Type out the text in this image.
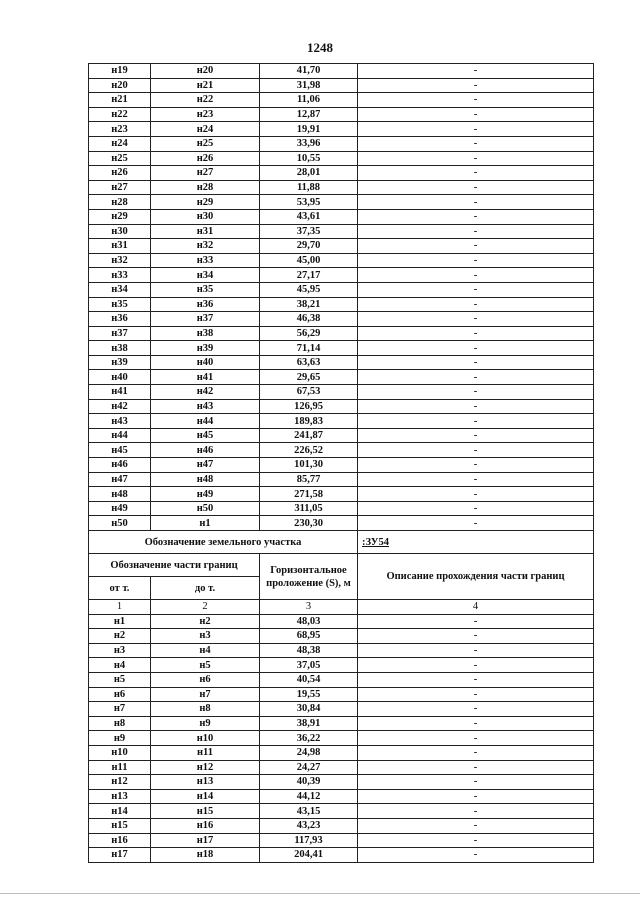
1248
н19	н20	41,70	-
н20	н21	31,98	-
н21	н22	11,06	-
н22	н23	12,87	-
н23	н24	19,91	-
н24	н25	33,96	-
н25	н26	10,55	-
н26	н27	28,01	-
н27	н28	11,88	-
н28	н29	53,95	-
н29	н30	43,61	-
н30	н31	37,35	-
н31	н32	29,70	-
н32	н33	45,00	-
н33	н34	27,17	-
н34	н35	45,95	-
н35	н36	38,21	-
н36	н37	46,38	-
н37	н38	56,29	-
н38	н39	71,14	-
н39	н40	63,63	-
н40	н41	29,65	-
н41	н42	67,53	-
н42	н43	126,95	-
н43	н44	189,83	-
н44	н45	241,87	-
н45	н46	226,52	-
н46	н47	101,30	-
н47	н48	85,77	-
н48	н49	271,58	-
н49	н50	311,05	-
н50	н1	230,30	-
Обозначение земельного участка			:ЗУ54
Обозначение части границ		Горизонтальное проложение (S), м	Описание прохождения части границ
от т.	до т.		
1	2	3	4
н1	н2	48,03	-
н2	н3	68,95	-
н3	н4	48,38	-
н4	н5	37,05	-
н5	н6	40,54	-
н6	н7	19,55	-
н7	н8	30,84	-
н8	н9	38,91	-
н9	н10	36,22	-
н10	н11	24,98	-
н11	н12	24,27	-
н12	н13	40,39	-
н13	н14	44,12	-
н14	н15	43,15	-
н15	н16	43,23	-
н16	н17	117,93	-
н17	н18	204,41	-
